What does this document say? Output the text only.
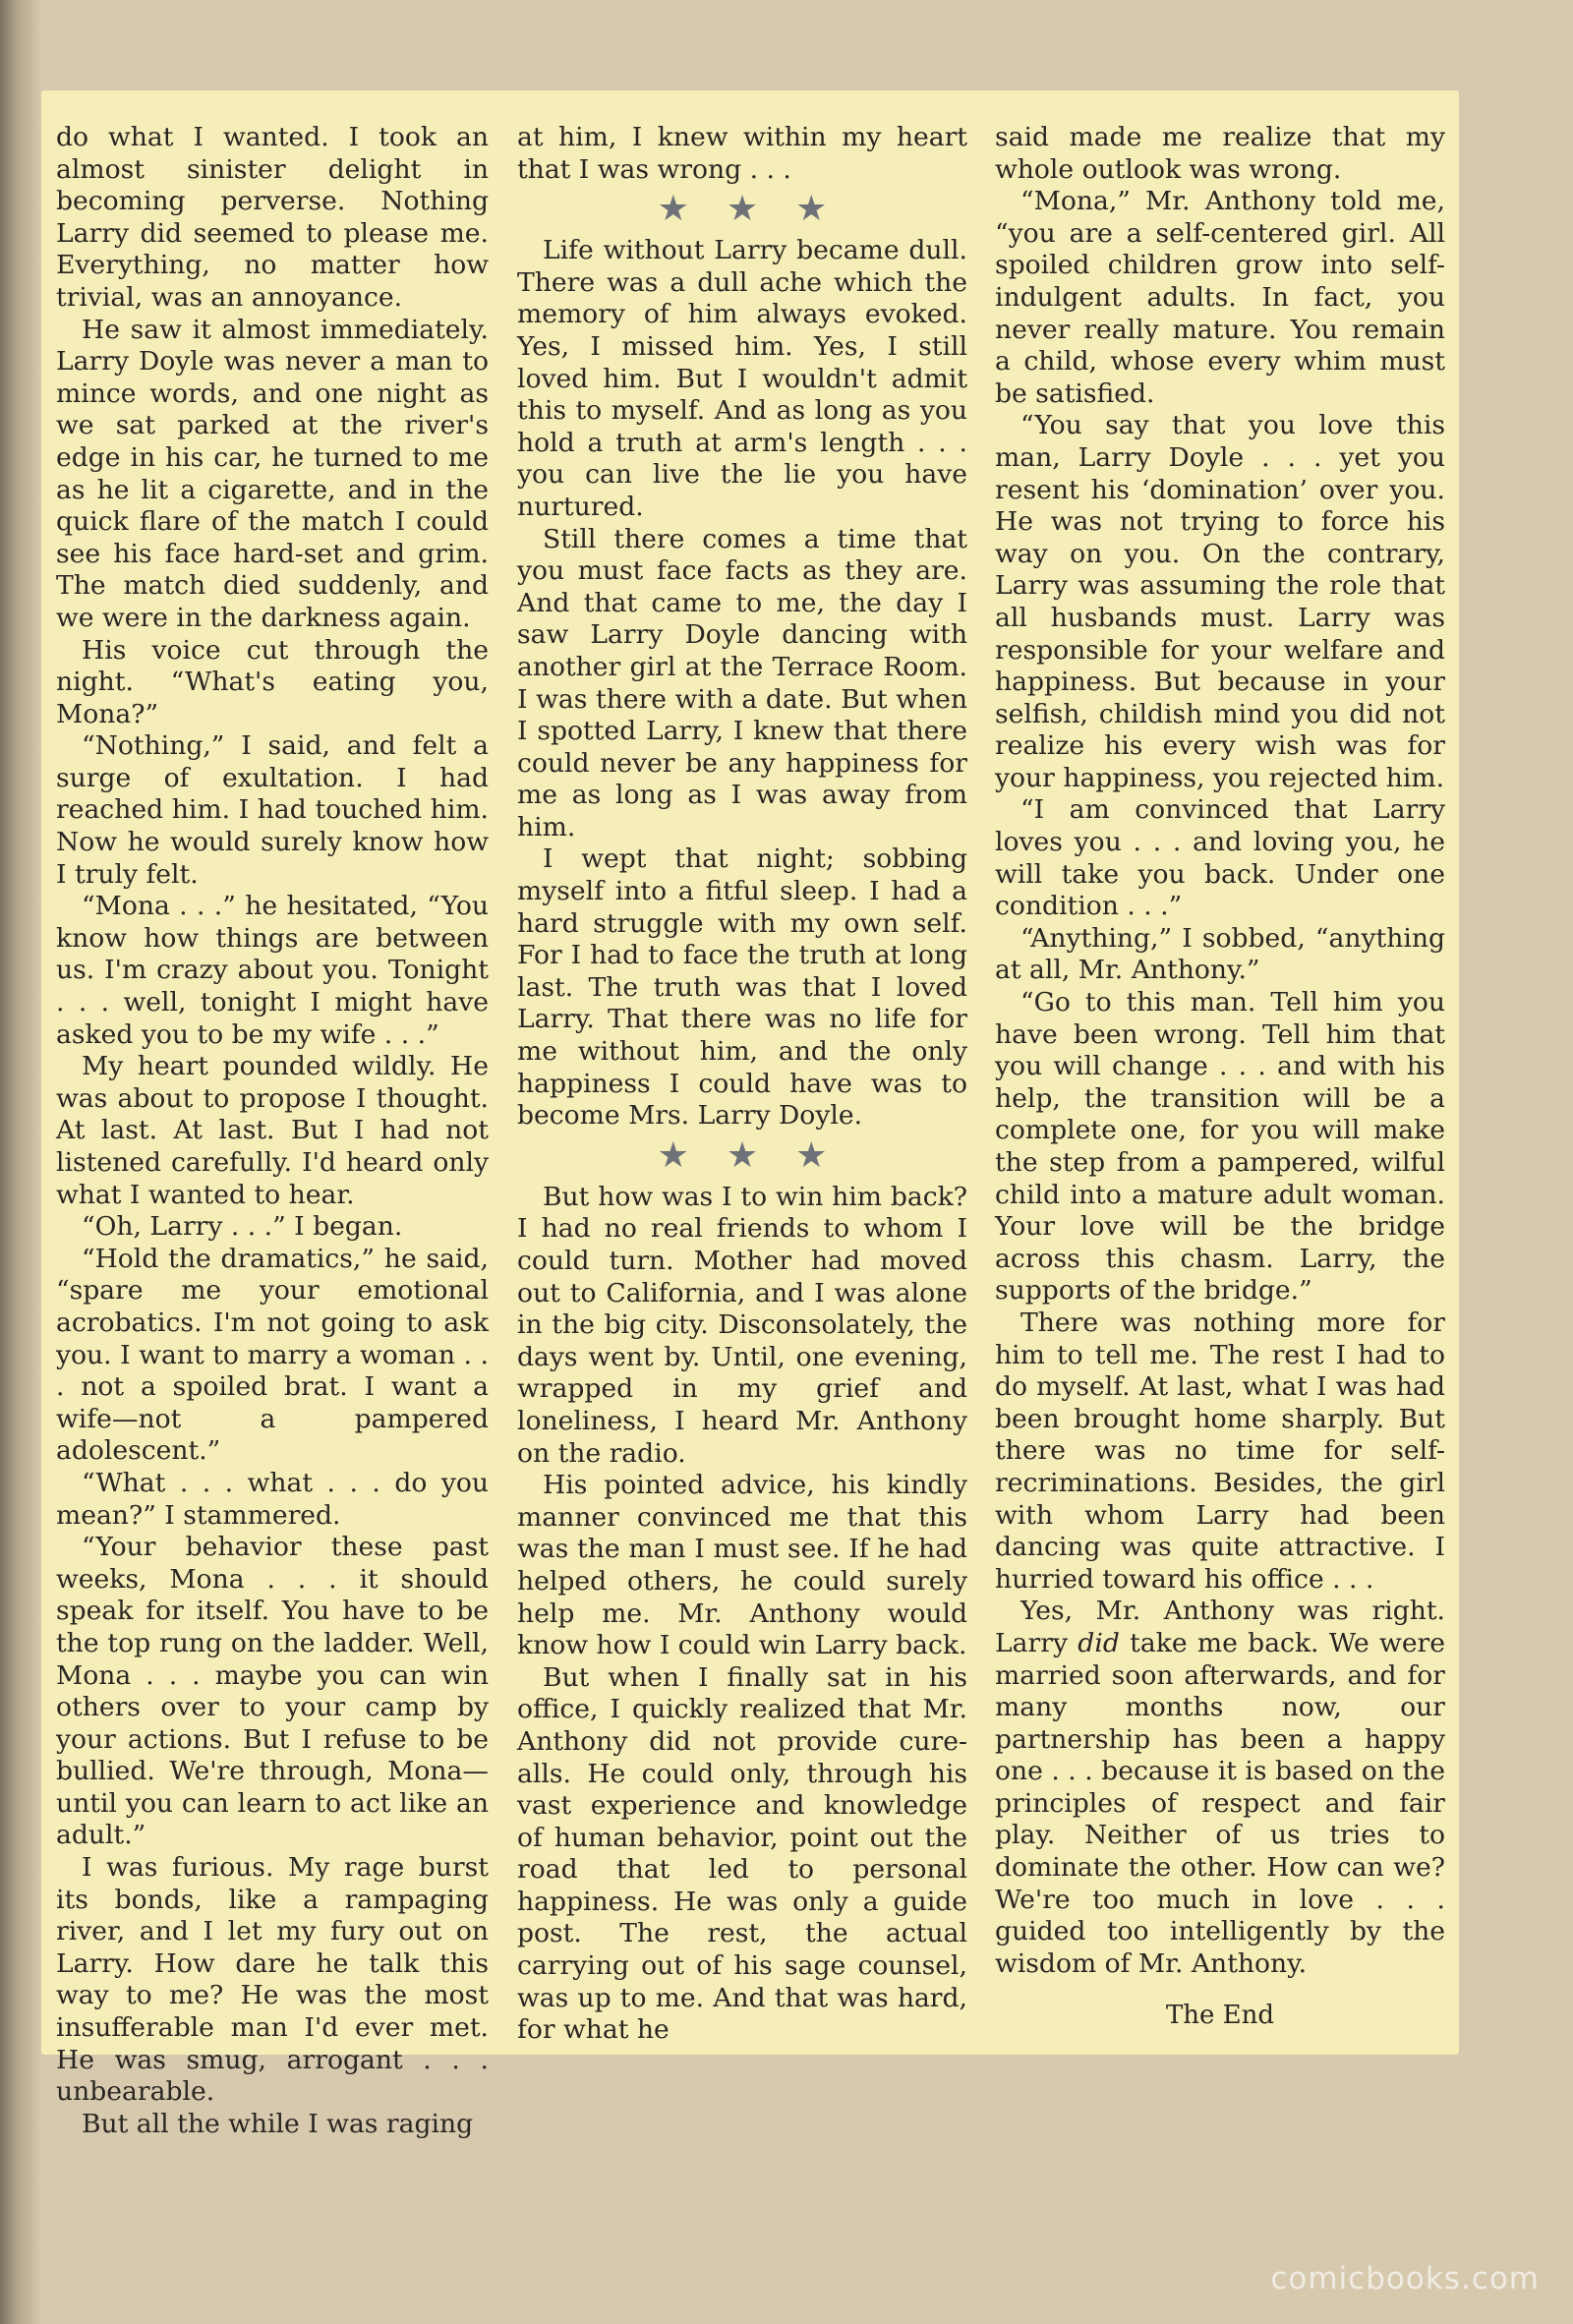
do what I wanted. I took an almost sinister delight in becoming perverse. Nothing Larry did seemed to please me. Everything, no matter how trivial, was an annoyance.

He saw it almost immediately. Larry Doyle was never a man to mince words, and one night as we sat parked at the river's edge in his car, he turned to me as he lit a cigarette, and in the quick flare of the match I could see his face hard-set and grim. The match died suddenly, and we were in the darkness again.

His voice cut through the night. “What's eating you, Mona?”

“Nothing,” I said, and felt a surge of exultation. I had reached him. I had touched him. Now he would surely know how I truly felt.

“Mona . . .” he hesitated, “You know how things are between us. I'm crazy about you. Tonight . . . well, tonight I might have asked you to be my wife . . .”

My heart pounded wildly. He was about to propose I thought. At last. At last. But I had not listened carefully. I'd heard only what I wanted to hear.

“Oh, Larry . . .” I began.

“Hold the dramatics,” he said, “spare me your emotional acrobatics. I'm not going to ask you. I want to marry a woman . . . not a spoiled brat. I want a wife—not a pampered adolescent.”

“What . . . what . . . do you mean?” I stammered.

“Your behavior these past weeks, Mona . . . it should speak for itself. You have to be the top rung on the ladder. Well, Mona . . . maybe you can win others over to your camp by your actions. But I refuse to be bullied. We're through, Mona—until you can learn to act like an adult.”

I was furious. My rage burst its bonds, like a rampaging river, and I let my fury out on Larry. How dare he talk this way to me? He was the most insufferable man I'd ever met. He was smug, arrogant . . . unbearable.

But all the while I was raging

at him, I knew within my heart that I was wrong . . .

★ ★ ★

Life without Larry became dull. There was a dull ache which the memory of him always evoked. Yes, I missed him. Yes, I still loved him. But I wouldn't admit this to myself. And as long as you hold a truth at arm's length . . . you can live the lie you have nurtured.

Still there comes a time that you must face facts as they are. And that came to me, the day I saw Larry Doyle dancing with another girl at the Terrace Room. I was there with a date. But when I spotted Larry, I knew that there could never be any happiness for me as long as I was away from him.

I wept that night; sobbing myself into a fitful sleep. I had a hard struggle with my own self. For I had to face the truth at long last. The truth was that I loved Larry. That there was no life for me without him, and the only happiness I could have was to become Mrs. Larry Doyle.

★ ★ ★

But how was I to win him back? I had no real friends to whom I could turn. Mother had moved out to California, and I was alone in the big city. Disconsolately, the days went by. Until, one evening, wrapped in my grief and loneliness, I heard Mr. Anthony on the radio.

His pointed advice, his kindly manner convinced me that this was the man I must see. If he had helped others, he could surely help me. Mr. Anthony would know how I could win Larry back.

But when I finally sat in his office, I quickly realized that Mr. Anthony did not provide cure-alls. He could only, through his vast experience and knowledge of human behavior, point out the road that led to personal happiness. He was only a guide post. The rest, the actual carrying out of his sage counsel, was up to me. And that was hard, for what he

said made me realize that my whole outlook was wrong.

“Mona,” Mr. Anthony told me, “you are a self-centered girl. All spoiled children grow into self-indulgent adults. In fact, you never really mature. You remain a child, whose every whim must be satisfied.

“You say that you love this man, Larry Doyle . . . yet you resent his ‘domination’ over you. He was not trying to force his way on you. On the contrary, Larry was assuming the role that all husbands must. Larry was responsible for your welfare and happiness. But because in your selfish, childish mind you did not realize his every wish was for your happiness, you rejected him.

“I am convinced that Larry loves you . . . and loving you, he will take you back. Under one condition . . .”

“Anything,” I sobbed, “anything at all, Mr. Anthony.”

“Go to this man. Tell him you have been wrong. Tell him that you will change . . . and with his help, the transition will be a complete one, for you will make the step from a pampered, wilful child into a mature adult woman. Your love will be the bridge across this chasm. Larry, the supports of the bridge.”

There was nothing more for him to tell me. The rest I had to do myself. At last, what I was had been brought home sharply. But there was no time for self-recriminations. Besides, the girl with whom Larry had been dancing was quite attractive. I hurried toward his office . . .

Yes, Mr. Anthony was right. Larry did take me back. We were married soon afterwards, and for many months now, our partnership has been a happy one . . . because it is based on the principles of respect and fair play. Neither of us tries to dominate the other. How can we? We're too much in love . . . guided too intelligently by the wisdom of Mr. Anthony.

The End
comicbooks.com
